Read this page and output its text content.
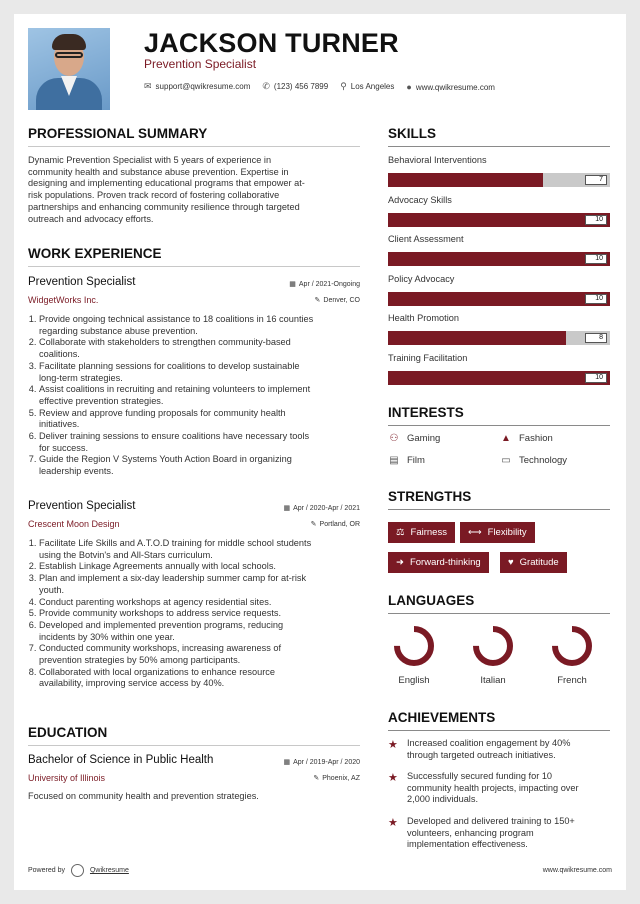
JACKSON TURNER
Prevention Specialist
✉ support@qwikresume.com ✆ (123) 456 7899 ⚲ Los Angeles ● www.qwikresume.com
PROFESSIONAL SUMMARY
Dynamic Prevention Specialist with 5 years of experience in
community health and substance abuse prevention. Expertise in
designing and implementing educational programs that empower at-
risk populations. Proven track record of fostering collaborative
partnerships and enhancing community resilience through targeted
outreach and advocacy efforts.
WORK EXPERIENCE
Prevention Specialist	▦ Apr / 2021-Ongoing
WidgetWorks Inc.	✎ Denver, CO
1. Provide ongoing technical assistance to 18 coalitions in 16 counties
regarding substance abuse prevention.
2. Collaborate with stakeholders to strengthen community-based
coalitions.
3. Facilitate planning sessions for coalitions to develop sustainable
long-term strategies.
4. Assist coalitions in recruiting and retaining volunteers to implement
effective prevention strategies.
5. Review and approve funding proposals for community health
initiatives.
6. Deliver training sessions to ensure coalitions have necessary tools
for success.
7. Guide the Region V Systems Youth Action Board in organizing
leadership events.
Prevention Specialist	▦ Apr / 2020-Apr / 2021
Crescent Moon Design	✎ Portland, OR
1. Facilitate Life Skills and A.T.O.D training for middle school students
using the Botvin's and All-Stars curriculum.
2. Establish Linkage Agreements annually with local schools.
3. Plan and implement a six-day leadership summer camp for at-risk
youth.
4. Conduct parenting workshops at agency residential sites.
5. Provide community workshops to address service requests.
6. Developed and implemented prevention programs, reducing
incidents by 30% within one year.
7. Conducted community workshops, increasing awareness of
prevention strategies by 50% among participants.
8. Collaborated with local organizations to enhance resource
availability, improving service access by 40%.
EDUCATION
Bachelor of Science in Public Health	▦ Apr / 2019-Apr / 2020
University of Illinois	✎ Phoenix, AZ
Focused on community health and prevention strategies.
SKILLS
Behavioral Interventions
7
Advocacy Skills
10
Client Assessment
10
Policy Advocacy
10
Health Promotion
8
Training Facilitation
10
INTERESTS
⚇ Gaming	▲ Fashion
▤ Film	▭ Technology
STRENGTHS
⚖ Fairness ⟷ Flexibility
➜ Forward-thinking	♥ Gratitude
LANGUAGES
English	Italian	French
ACHIEVEMENTS
★ Increased coalition engagement by 40%
through targeted outreach initiatives.
★ Successfully secured funding for 10
community health projects, impacting over
2,000 individuals.
★ Developed and delivered training to 150+
volunteers, enhancing program
implementation effectiveness.
Powered by	Qwikresume	www.qwikresume.com
